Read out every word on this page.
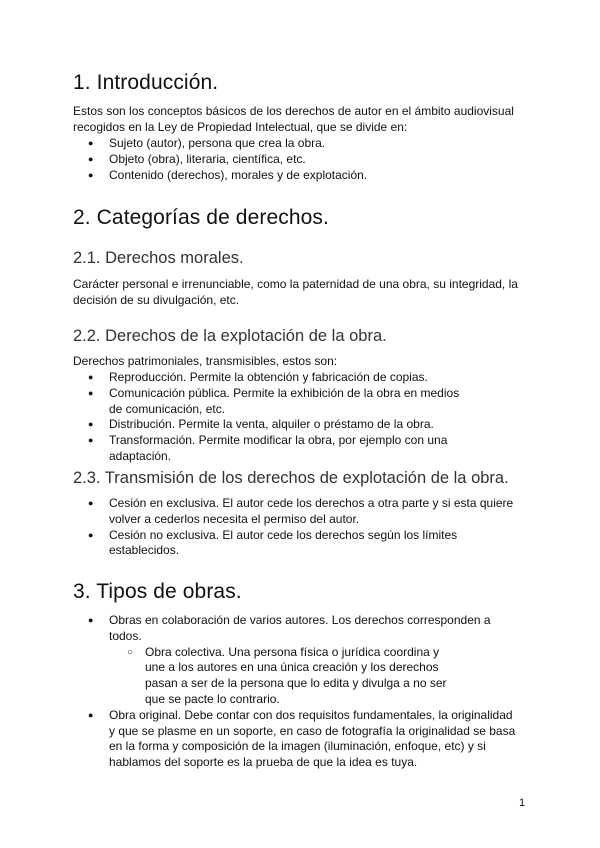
1. Introducción.

Estos son los conceptos básicos de los derechos de autor en el ámbito audiovisual recogidos en la Ley de Propiedad Intelectual, que se divide en:

● Sujeto (autor), persona que crea la obra.
● Objeto (obra), literaria, científica, etc.
● Contenido (derechos), morales y de explotación.
2. Categorías de derechos.
2.1. Derechos morales.

Carácter personal e irrenunciable, como la paternidad de una obra, su integridad, la decisión de su divulgación, etc.

2.2. Derechos de la explotación de la obra.

Derechos patrimoniales, transmisibles, estos son:

● Reproducción. Permite la obtención y fabricación de copias.
● Comunicación pública. Permite la exhibición de la obra en medios de comunicación, etc.
● Distribución. Permite la venta, alquiler o préstamo de la obra.
● Transformación. Permite modificar la obra, por ejemplo con una adaptación.
2.3. Transmisión de los derechos de explotación de la obra.
● Cesión en exclusiva. El autor cede los derechos a otra parte y si esta quiere volver a cederlos necesita el permiso del autor.
● Cesión no exclusiva. El autor cede los derechos según los límites establecidos.
3. Tipos de obras.
● Obras en colaboración de varios autores. Los derechos corresponden a todos.
○ Obra colectiva. Una persona física o jurídica coordina y une a los autores en una única creación y los derechos pasan a ser de la persona que lo edita y divulga a no ser que se pacte lo contrario.
● Obra original. Debe contar con dos requisitos fundamentales, la originalidad y que se plasme en un soporte, en caso de fotografía la originalidad se basa en la forma y composición de la imagen (iluminación, enfoque, etc) y si hablamos del soporte es la prueba de que la idea es tuya.
1
